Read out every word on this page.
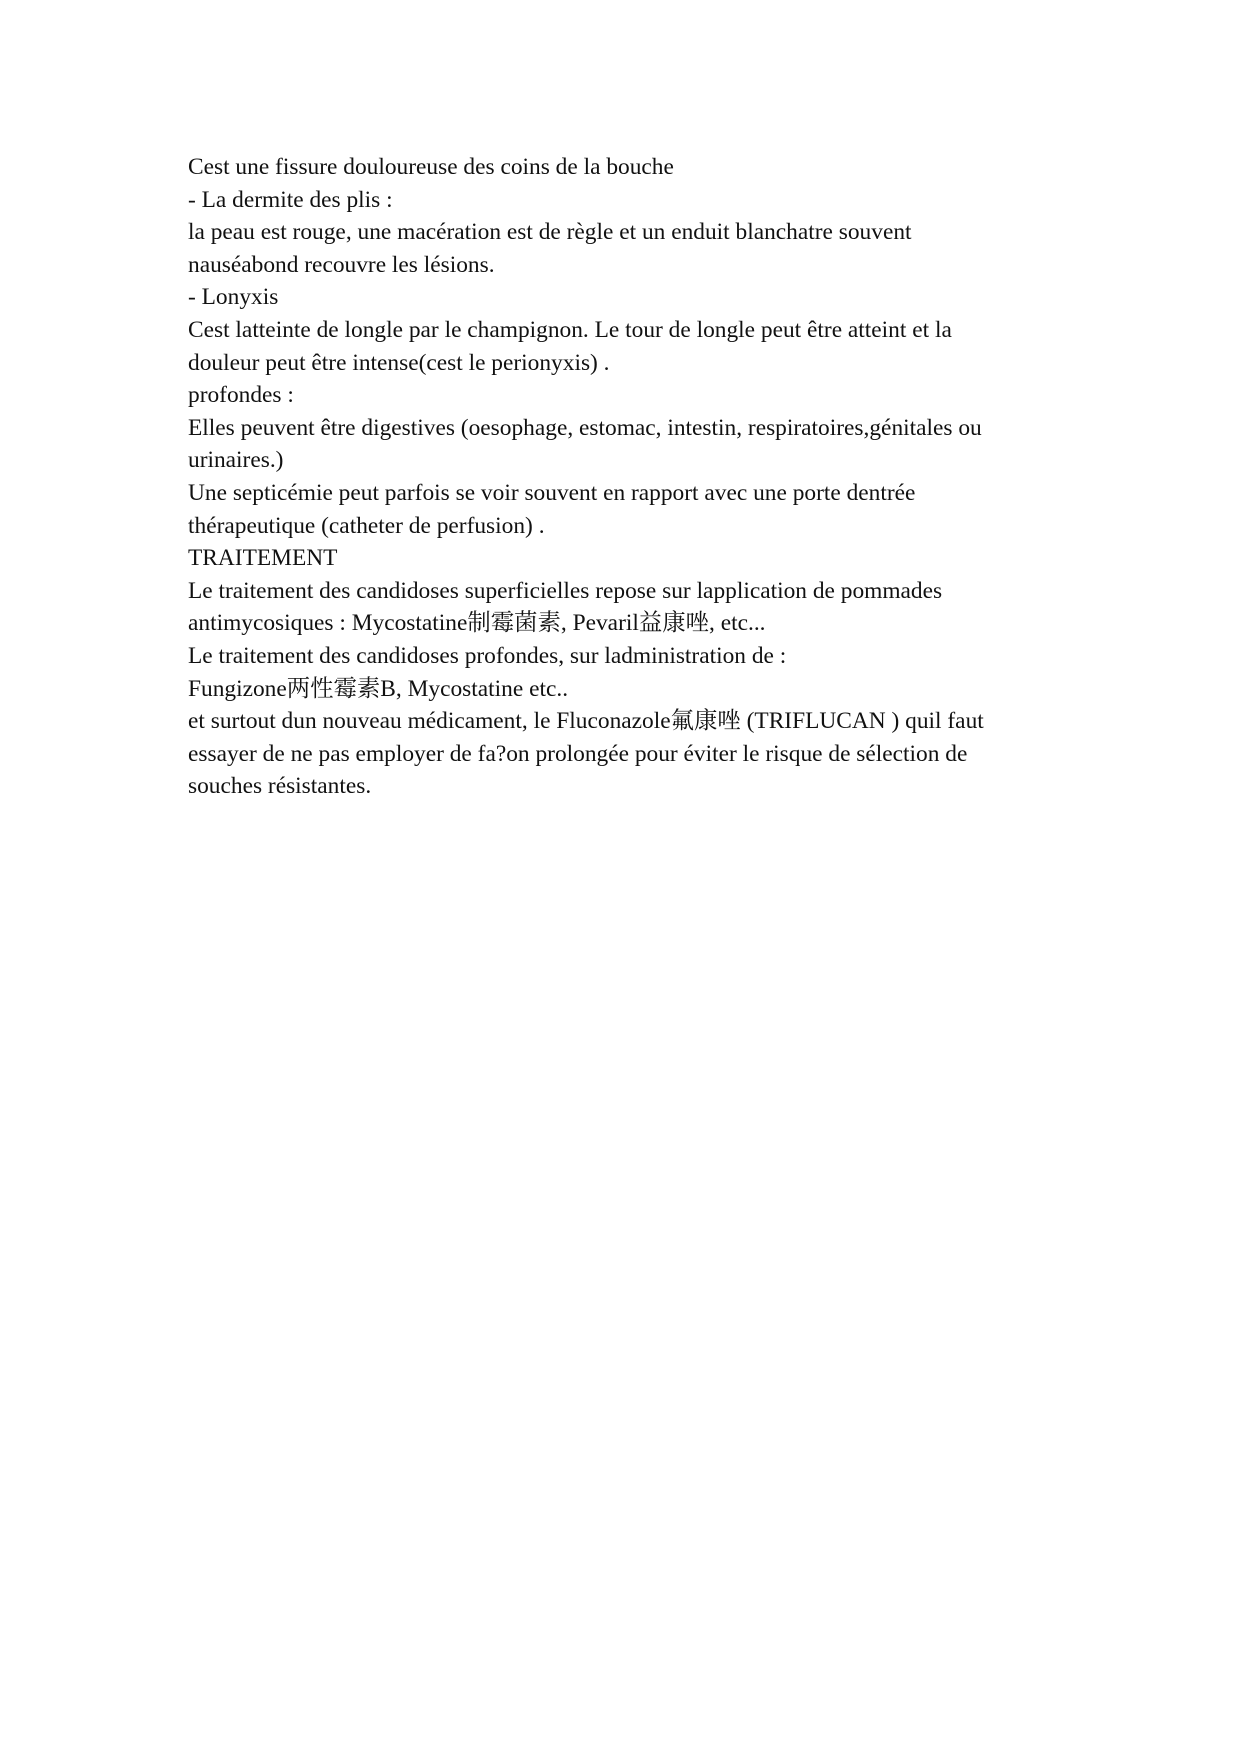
Cest une fissure douloureuse des coins de la bouche
- La dermite des plis :
la peau est rouge, une macération est de règle et un enduit blanchatre souvent
nauséabond recouvre les lésions.
- Lonyxis
Cest latteinte de longle par le champignon. Le tour de longle peut être atteint et la
douleur peut être intense(cest le perionyxis) .
profondes :
Elles peuvent être digestives (oesophage, estomac, intestin, respiratoires,génitales ou
urinaires.)
Une septicémie peut parfois se voir souvent en rapport avec une porte dentrée
thérapeutique (catheter de perfusion) .
TRAITEMENT
Le traitement des candidoses superficielles repose sur lapplication de pommades
antimycosiques : Mycostatine制霉菌素, Pevaril益康唑, etc...
Le traitement des candidoses profondes, sur ladministration de :
Fungizone两性霉素B, Mycostatine etc..
et surtout dun nouveau médicament, le Fluconazole氟康唑 (TRIFLUCAN ) quil faut
essayer de ne pas employer de fa?on prolongée pour éviter le risque de sélection de
souches résistantes.
